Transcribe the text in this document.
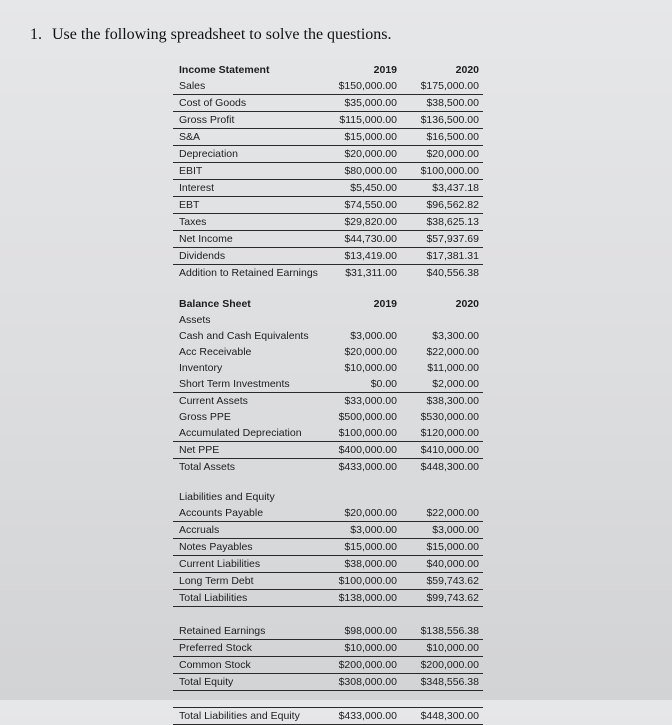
1. Use the following spreadsheet to solve the questions.
Income Statement	2019	2020
Sales	$150,000.00 $175,000.00
Cost of Goods	$35,000.00	$38,500.00
Gross Profit	$115,000.00 $136,500.00
S&A	$15,000.00	$16,500.00
Depreciation	$20,000.00	$20,000.00
EBIT	$80,000.00 $100,000.00
Interest	$5,450.00	$3,437.18
EBT	$74,550.00	$96,562.82
Taxes	$29,820.00	$38,625.13
Net Income	$44,730.00	$57,937.69
Dividends	$13,419.00	$17,381.31
Addition to Retained Earnings	$31,311.00	$40,556.38
Balance Sheet	2019	2020
Assets
Cash and Cash Equivalents	$3,000.00	$3,300.00
Acc Receivable	$20,000.00	$22,000.00
Inventory	$10,000.00	$11,000.00
Short Term Investments	$0.00	$2,000.00
Current Assets	$33,000.00	$38,300.00
Gross PPE	$500,000.00 $530,000.00
Accumulated Depreciation	$100,000.00 $120,000.00
Net PPE	$400,000.00 $410,000.00
Total Assets	$433,000.00 $448,300.00
Liabilities and Equity
Accounts Payable	$20,000.00	$22,000.00
Accruals	$3,000.00	$3,000.00
Notes Payables	$15,000.00	$15,000.00
Current Liabilities	$38,000.00	$40,000.00
Long Term Debt	$100,000.00	$59,743.62
Total Liabilities	$138,000.00	$99,743.62
Retained Earnings	$98,000.00 $138,556.38
Preferred Stock	$10,000.00	$10,000.00
Common Stock	$200,000.00 $200,000.00
Total Equity	$308,000.00 $348,556.38
Total Liabilities and Equity	$433,000.00 $448,300.00
